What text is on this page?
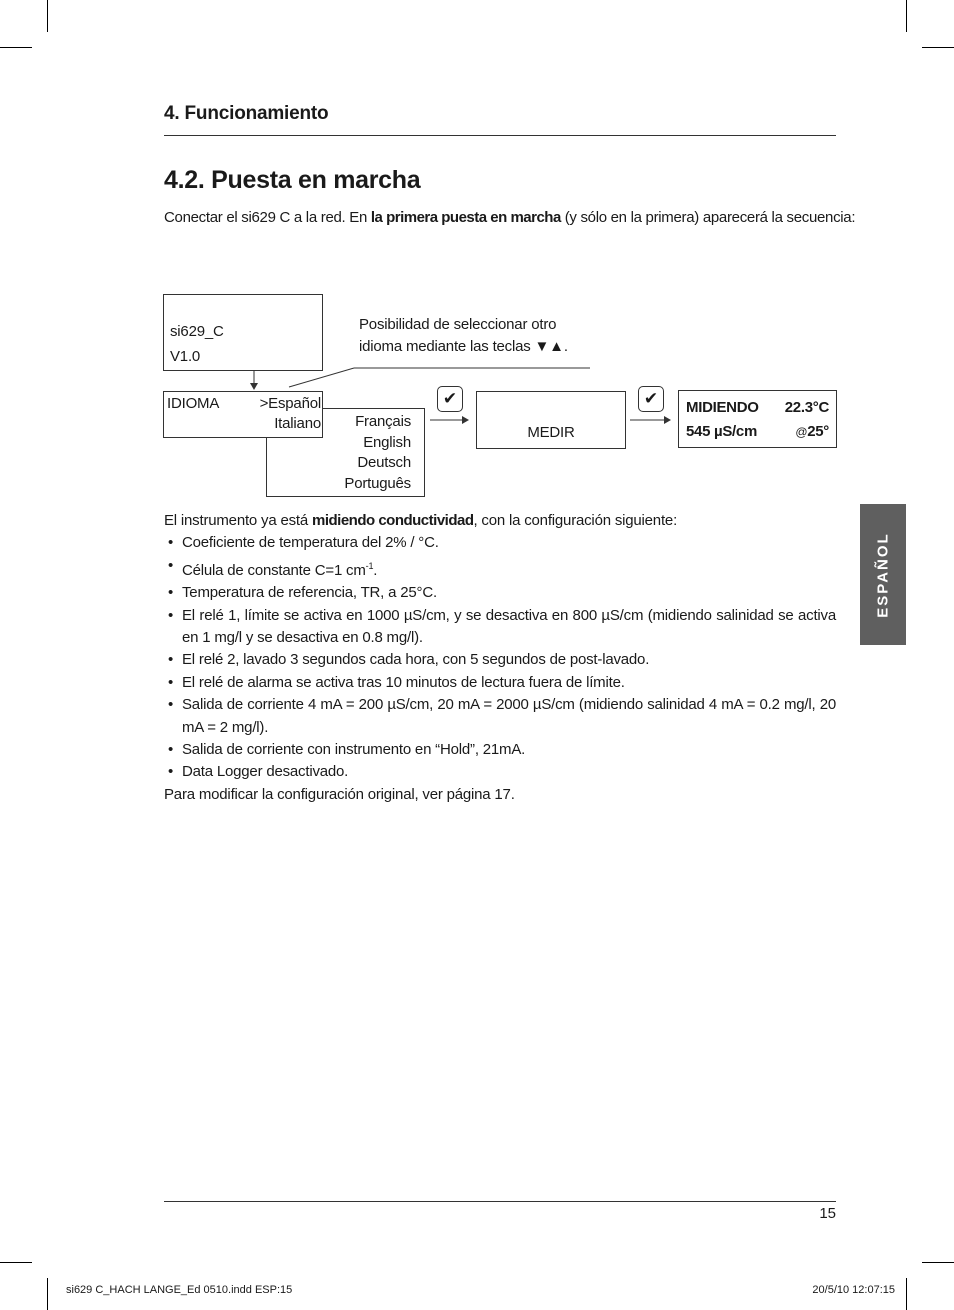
4. Funcionamiento
4.2. Puesta en marcha
Conectar el si629 C a la red. En la primera puesta en marcha (y sólo en la primera) aparecerá la secuencia:
si629_C
V1.0
Posibilidad de seleccionar otro
idioma mediante las teclas ▼▲.
Français
English
Deutsch
Português
IDIOMA	>Español
Italiano
✔
MEDIR
✔	MIDIENDO 22.3°C
545 µS/cm	@25°
El instrumento ya está midiendo conductividad, con la configuración siguiente:
• Coeficiente de temperatura del 2% / °C.
• Célula de constante C=1 $cm^{-1}$.
• Temperatura de referencia, TR, a 25°C.
• El relé 1, límite se activa en 1000 µS/cm, y se desactiva en 800 µS/cm (midiendo salinidad se activa en 1 mg/l y se desactiva en 0.8 mg/l).
• El relé 2, lavado 3 segundos cada hora, con 5 segundos de post-lavado.
• El relé de alarma se activa tras 10 minutos de lectura fuera de límite.
• Salida de corriente 4 mA = 200 µS/cm, 20 mA = 2000 µS/cm (midiendo salinidad 4 mA = 0.2 mg/l, 20 mA = 2 mg/l).
• Salida de corriente con instrumento en “Hold”, 21mA.
• Data Logger desactivado.
Para modificar la configuración original, ver página 17.
ESPAÑOL
15
si629 C_HACH LANGE_Ed 0510.indd ESP:15	20/5/10 12:07:15
